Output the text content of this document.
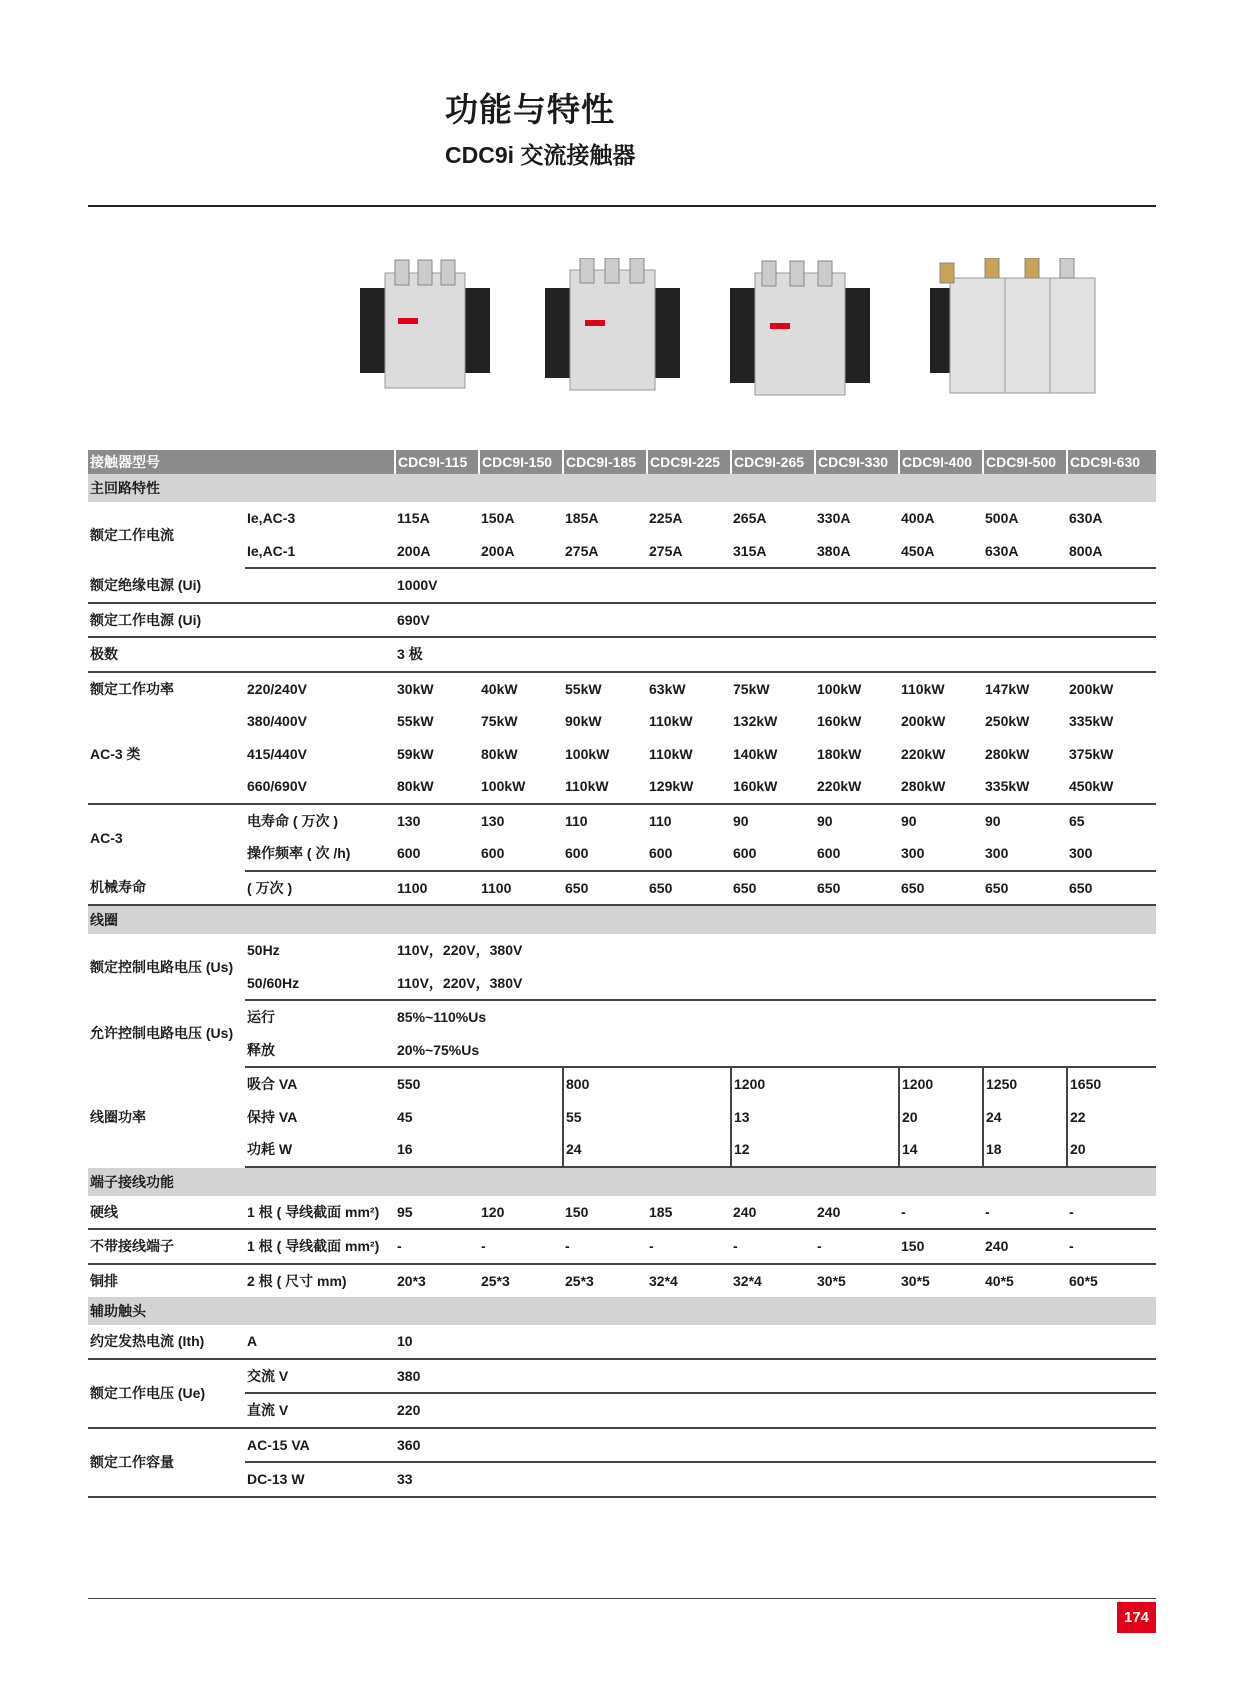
功能与特性
CDC9i 交流接触器
接触器型号		CDC9I-115	CDC9I-150	CDC9I-185	CDC9I-225	CDC9I-265	CDC9I-330	CDC9I-400	CDC9I-500	CDC9I-630
主回路特性										
额定工作电流	Ie,AC-3	115A	150A	185A	225A	265A	330A	400A	500A	630A
	Ie,AC-1	200A	200A	275A	275A	315A	380A	450A	630A	800A
额定绝缘电源 (Ui)		1000V								
额定工作电源 (Ui)		690V								
极数		3 极								
额定工作功率	220/240V	30kW	40kW	55kW	63kW	75kW	100kW	110kW	147kW	200kW
	380/400V	55kW	75kW	90kW	110kW	132kW	160kW	200kW	250kW	335kW
AC-3 类	415/440V	59kW	80kW	100kW	110kW	140kW	180kW	220kW	280kW	375kW
	660/690V	80kW	100kW	110kW	129kW	160kW	220kW	280kW	335kW	450kW
AC-3	电寿命 ( 万次 )	130	130	110	110	90	90	90	90	65
	操作频率 ( 次 /h)	600	600	600	600	600	600	300	300	300
机械寿命	( 万次 )	1100	1100	650	650	650	650	650	650	650
线圈										
额定控制电路电压 (Us)	50Hz	110V，220V，380V								
	50/60Hz	110V，220V，380V								
允许控制电路电压 (Us)	运行	85%~110%Us								
	释放	20%~75%Us								
线圈功率	吸合 VA	550		800		1200		1200	1250	1650
	保持 VA	45		55		13		20	24	22
	功耗 W	16		24		12		14	18	20
端子接线功能										
硬线	1 根 ( 导线截面 mm²)	95	120	150	185	240	240	-	-	-
不带接线端子	1 根 ( 导线截面 mm²)	-	-	-	-	-	-	150	240	-
铜排	2 根 ( 尺寸 mm)	20*3	25*3	25*3	32*4	32*4	30*5	30*5	40*5	60*5
辅助触头										
约定发热电流 (Ith)	A	10								
额定工作电压 (Ue)	交流 V	380								
	直流 V	220								
额定工作容量	AC-15 VA	360								
	DC-13 W	33								
174
